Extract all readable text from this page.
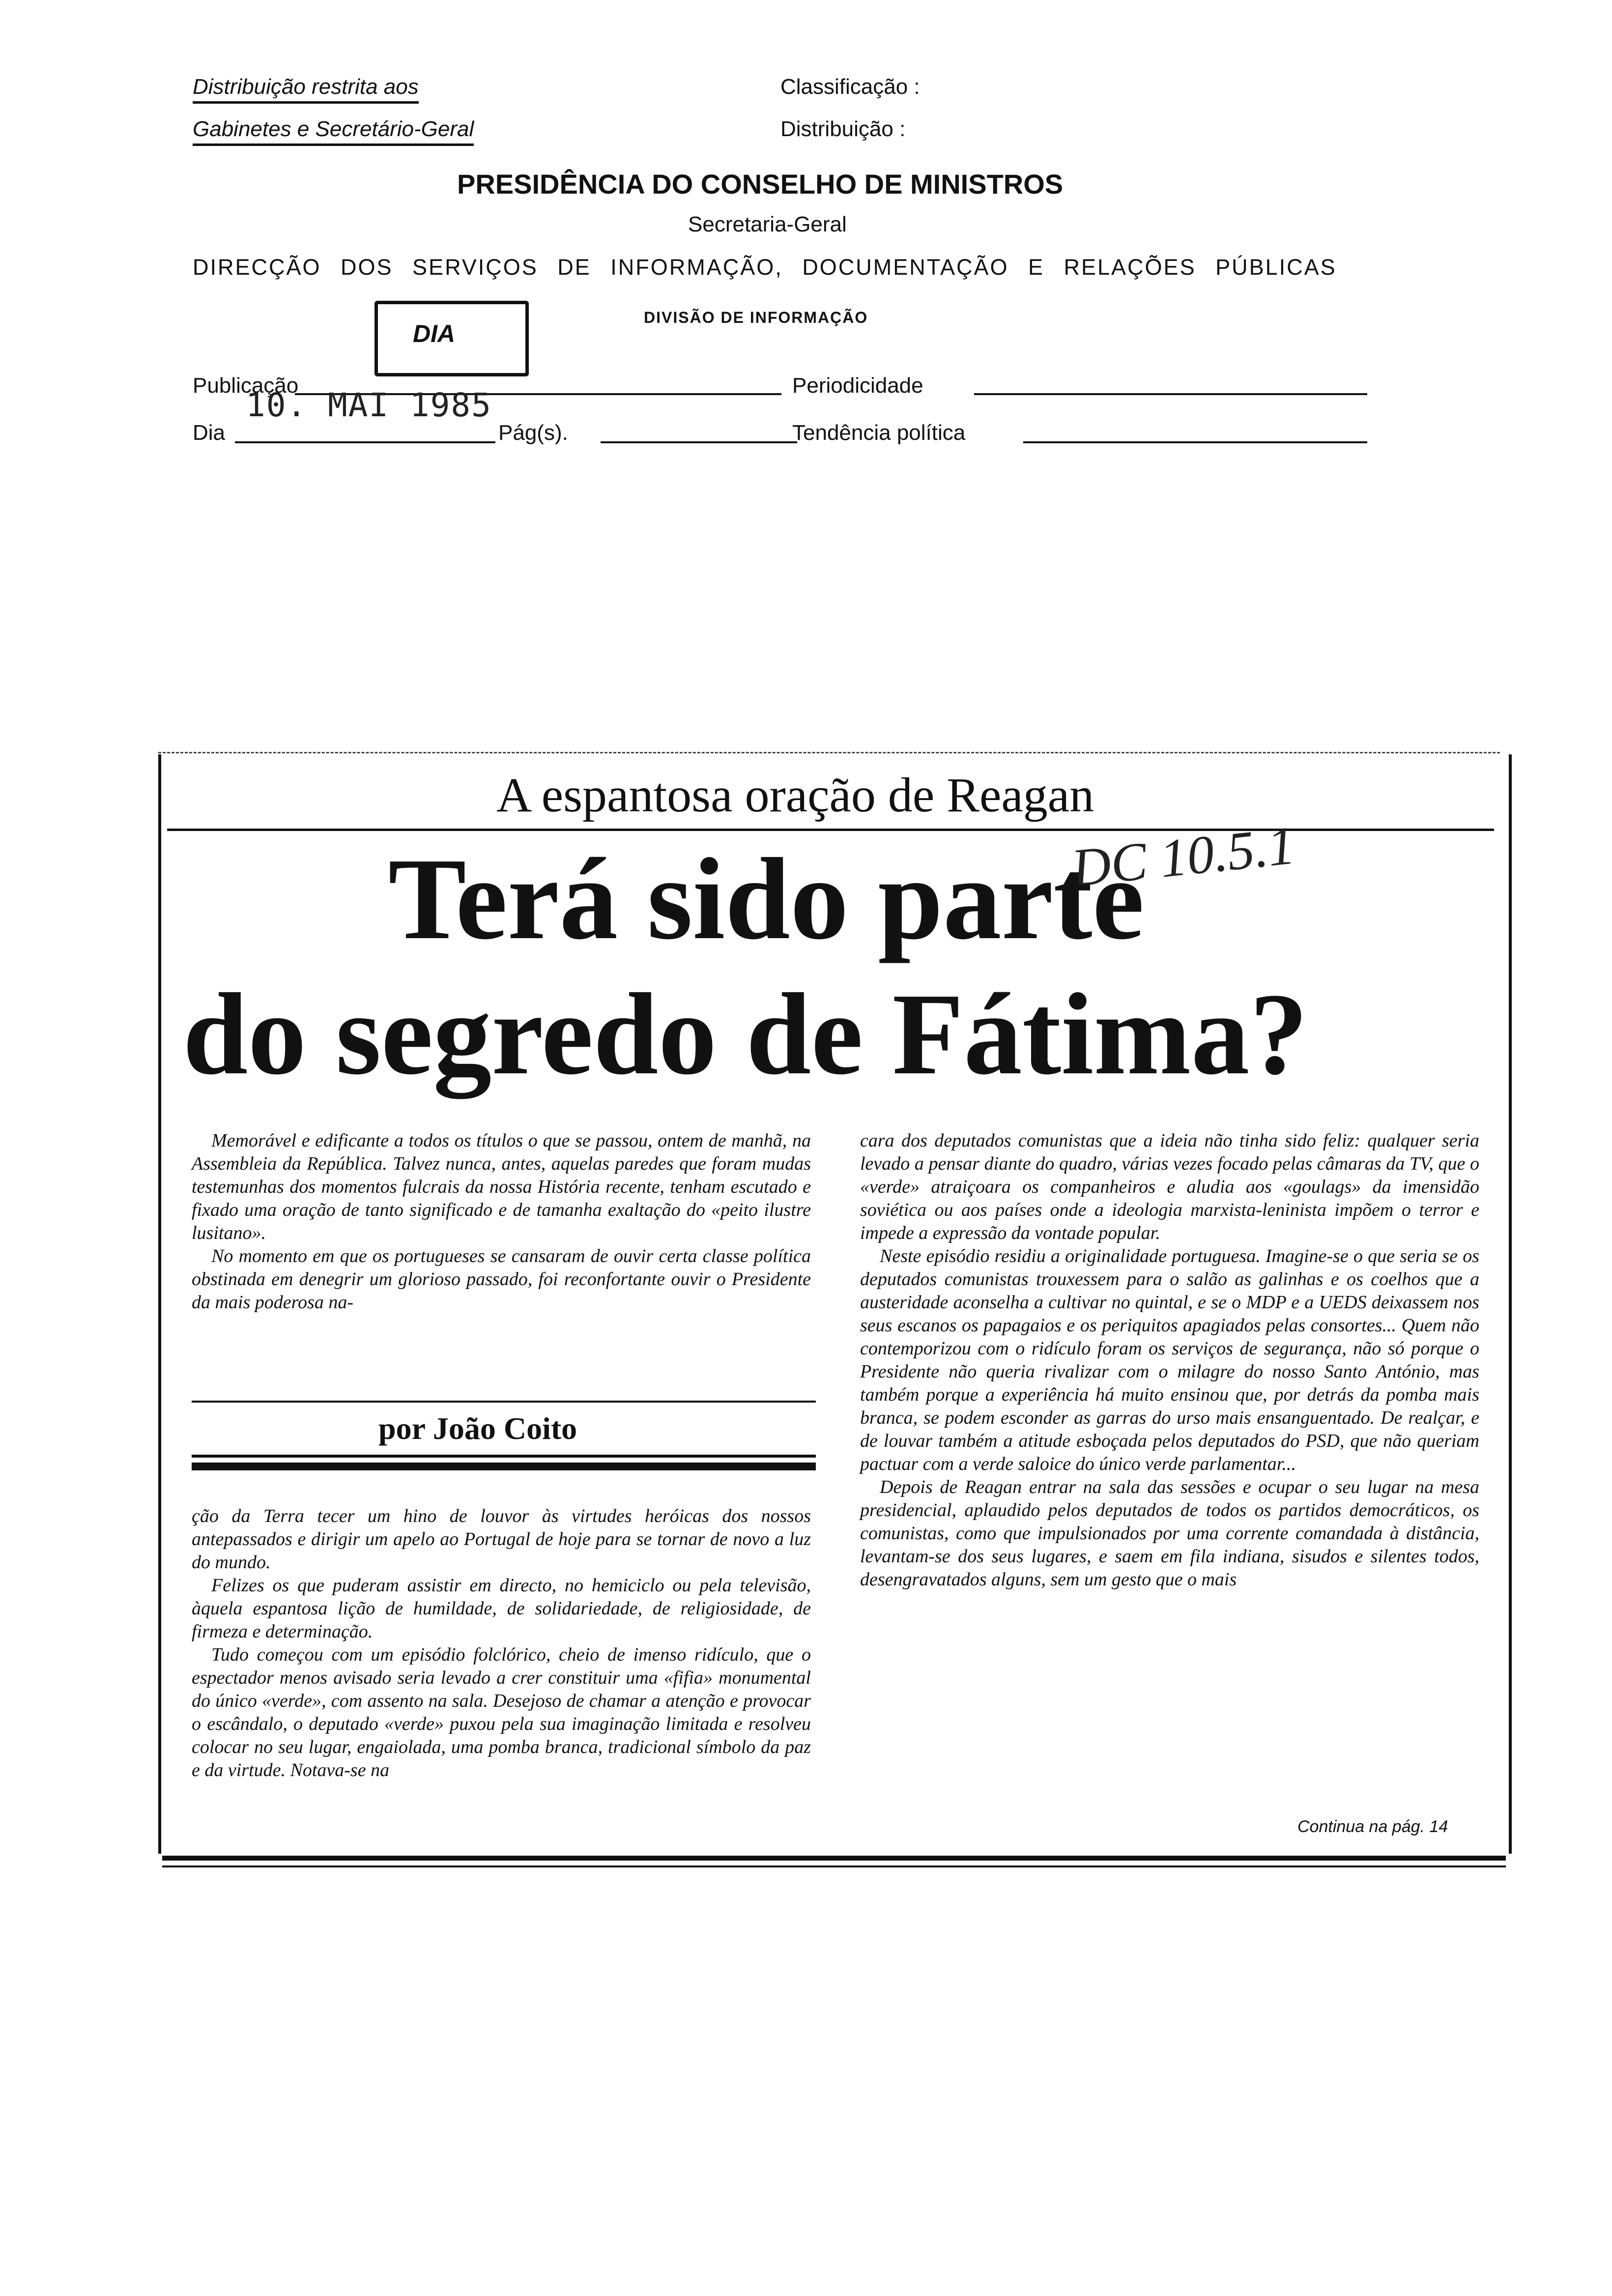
Distribuição restrita aos
Gabinetes e Secretário-Geral
Classificação :
Distribuição :
PRESIDÊNCIA DO CONSELHO DE MINISTROS
Secretaria-Geral
DIRECÇÃO DOS SERVIÇOS DE INFORMAÇÃO, DOCUMENTAÇÃO E RELAÇÕES PÚBLICAS
DIA
DIVISÃO DE INFORMAÇÃO
Publicação
10. MAI 1985
Periodicidade
Dia	Pág(s).	Tendência política
A espantosa oração de Reagan
DC 10.5.1
Terá sido parte
do segredo de Fátima?

Memorável e edificante a todos os títulos o que se passou, ontem de manhã, na Assembleia da República. Talvez nunca, antes, aquelas paredes que foram mudas testemunhas dos momentos fulcrais da nossa História recente, tenham escutado e fixado uma oração de tanto significado e de tamanha exaltação do «peito ilustre lusitano».

No momento em que os portugueses se cansaram de ouvir certa classe política obstinada em denegrir um glorioso passado, foi reconfortante ouvir o Presidente da mais poderosa na-

por João Coito

ção da Terra tecer um hino de louvor às virtudes heróicas dos nossos antepassados e dirigir um apelo ao Portugal de hoje para se tornar de novo a luz do mundo.

Felizes os que puderam assistir em directo, no hemiciclo ou pela televisão, àquela espantosa lição de humildade, de solidariedade, de religiosidade, de firmeza e determinação.

Tudo começou com um episódio folclórico, cheio de imenso ridículo, que o espectador menos avisado seria levado a crer constituir uma «fifia» monumental do único «verde», com assento na sala. Desejoso de chamar a atenção e provocar o escândalo, o deputado «verde» puxou pela sua imaginação limitada e resolveu colocar no seu lugar, engaiolada, uma pomba branca, tradicional símbolo da paz e da virtude. Notava-se na

cara dos deputados comunistas que a ideia não tinha sido feliz: qualquer seria levado a pensar diante do quadro, várias vezes focado pelas câmaras da TV, que o «verde» atraiçoara os companheiros e aludia aos «goulags» da imensidão soviética ou aos países onde a ideologia marxista-leninista impõem o terror e impede a expressão da vontade popular.

Neste episódio residiu a originalidade portuguesa. Imagine-se o que seria se os deputados comunistas trouxessem para o salão as galinhas e os coelhos que a austeridade aconselha a cultivar no quintal, e se o MDP e a UEDS deixassem nos seus escanos os papagaios e os periquitos apagiados pelas consortes... Quem não contemporizou com o ridículo foram os serviços de segurança, não só porque o Presidente não queria rivalizar com o milagre do nosso Santo António, mas também porque a experiência há muito ensinou que, por detrás da pomba mais branca, se podem esconder as garras do urso mais ensanguentado. De realçar, e de louvar também a atitude esboçada pelos deputados do PSD, que não queriam pactuar com a verde saloice do único verde parlamentar...

Depois de Reagan entrar na sala das sessões e ocupar o seu lugar na mesa presidencial, aplaudido pelos deputados de todos os partidos democráticos, os comunistas, como que impulsionados por uma corrente comandada à distância, levantam-se dos seus lugares, e saem em fila indiana, sisudos e silentes todos, desengravatados alguns, sem um gesto que o mais

Continua na pág. 14
